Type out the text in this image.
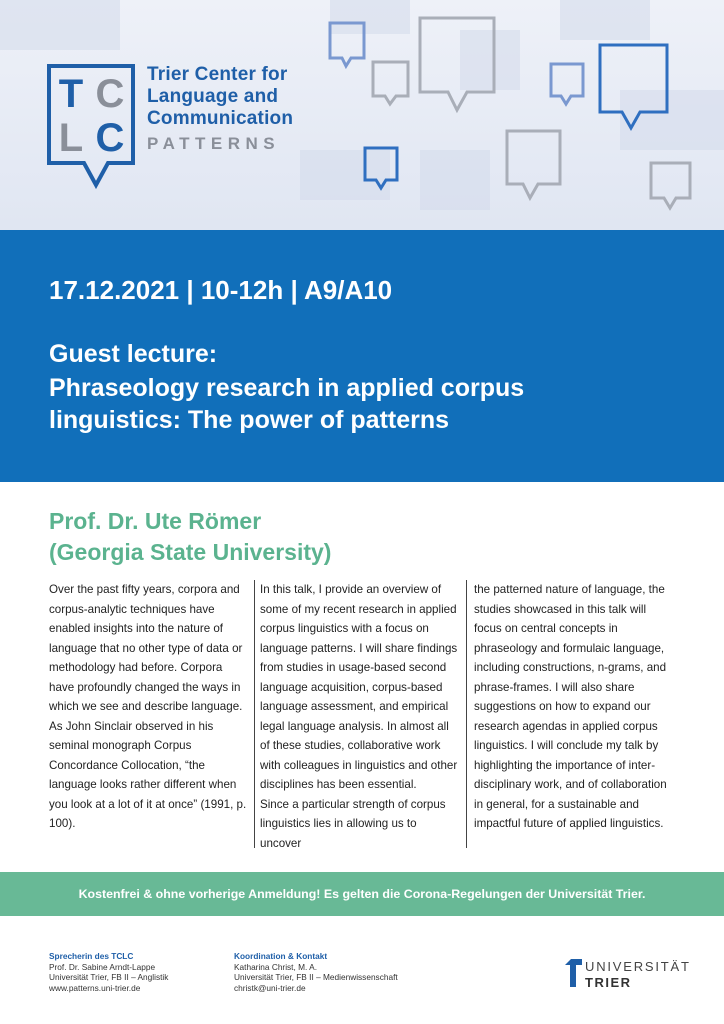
T C
L C
Trier Center for
Language and
Communication
PATTERNS
17.12.2021 | 10-12h | A9/A10
Guest lecture:
Phraseology research in applied corpus
linguistics: The power of patterns
Prof. Dr. Ute Römer
(Georgia State University)

Over the past fifty years, corpora and corpus-analytic techniques have enabled insights into the nature of language that no other type of data or methodology had before. Corpora have profoundly changed the ways in which we see and describe language. As John Sinclair observed in his seminal monograph Corpus Concordance Collocation, “the language looks rather different when you look at a lot of it at once” (1991, p. 100).

In this talk, I provide an overview of some of my recent research in applied corpus linguistics with a focus on language patterns. I will share findings from studies in usage-based second language acquisition, corpus-based language assessment, and empirical legal language analysis. In almost all of these studies, collaborative work with colleagues in linguistics and other disciplines has been essential.

Since a particular strength of corpus linguistics lies in allowing us to uncover

the patterned nature of language, the studies showcased in this talk will focus on central concepts in phraseology and formulaic language, including constructions, n-grams, and phrase-frames. I will also share suggestions on how to expand our research agendas in applied corpus linguistics. I will conclude my talk by highlighting the importance of inter-disciplinary work, and of collaboration in general, for a sustainable and impactful future of applied linguistics.

Kostenfrei & ohne vorherige Anmeldung! Es gelten die Corona-Regelungen der Universität Trier.
Sprecherin des TCLC
Prof. Dr. Sabine Arndt-Lappe
Universität Trier, FB II – Anglistik
www.patterns.uni-trier.de
Koordination & Kontakt
Katharina Christ, M. A.
Universität Trier, FB II – Medienwissenschaft
christk@uni-trier.de
UNIVERSITÄT
TRIER
